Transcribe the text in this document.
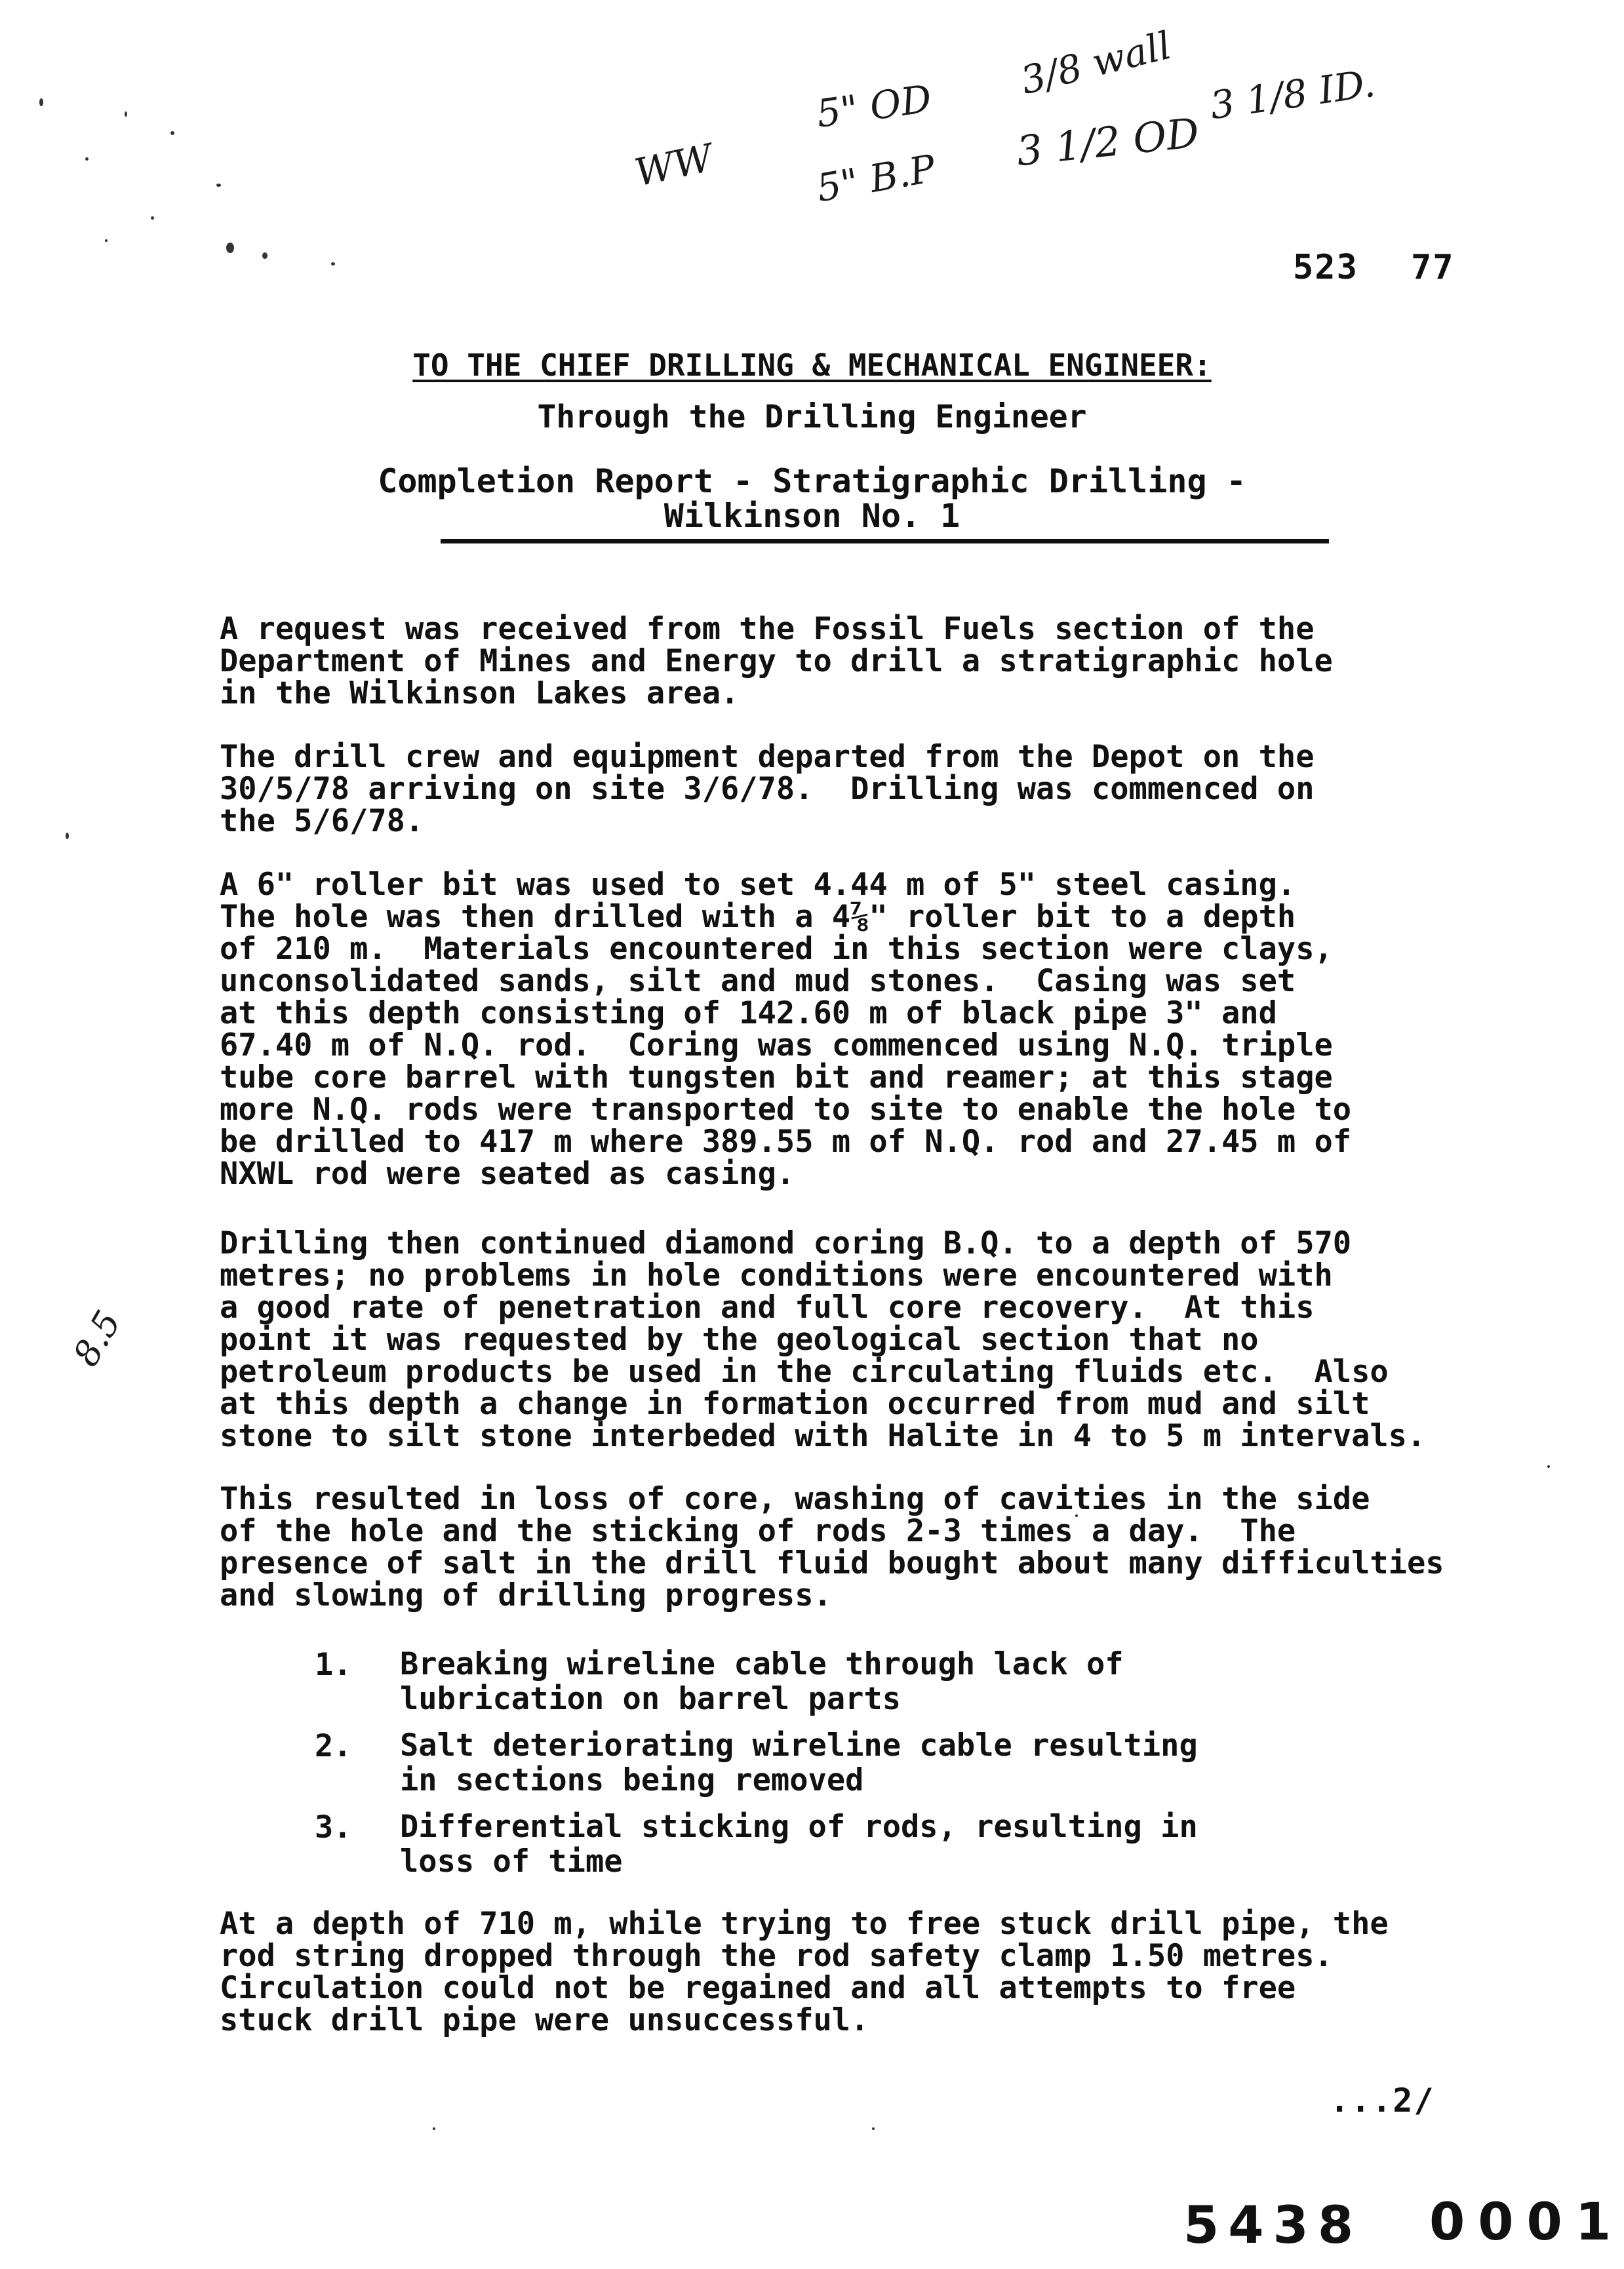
WW
5" OD
5" B.P
3/8 wall
3 1/2 OD
3 1/8 ID.
8.5
523 77
TO THE CHIEF DRILLING & MECHANICAL ENGINEER:
Through the Drilling Engineer
Completion Report - Stratigraphic Drilling -
Wilkinson No. 1
A request was received from the Fossil Fuels section of the
Department of Mines and Energy to drill a stratigraphic hole
in the Wilkinson Lakes area.
The drill crew and equipment departed from the Depot on the
30/5/78 arriving on site 3/6/78.  Drilling was commenced on
the 5/6/78.
A 6" roller bit was used to set 4.44 m of 5" steel casing.
The hole was then drilled with a 4⅞" roller bit to a depth
of 210 m.  Materials encountered in this section were clays,
unconsolidated sands, silt and mud stones.  Casing was set
at this depth consisting of 142.60 m of black pipe 3" and
67.40 m of N.Q. rod.  Coring was commenced using N.Q. triple
tube core barrel with tungsten bit and reamer; at this stage
more N.Q. rods were transported to site to enable the hole to
be drilled to 417 m where 389.55 m of N.Q. rod and 27.45 m of
NXWL rod were seated as casing.
Drilling then continued diamond coring B.Q. to a depth of 570
metres; no problems in hole conditions were encountered with
a good rate of penetration and full core recovery.  At this
point it was requested by the geological section that no
petroleum products be used in the circulating fluids etc.  Also
at this depth a change in formation occurred from mud and silt
stone to silt stone interbeded with Halite in 4 to 5 m intervals.
This resulted in loss of core, washing of cavities in the side
of the hole and the sticking of rods 2-3 times a day.  The
presence of salt in the drill fluid bought about many difficulties
and slowing of drilling progress.
1. Breaking wireline cable through lack of
lubrication on barrel parts
2. Salt deteriorating wireline cable resulting
in sections being removed
3. Differential sticking of rods, resulting in
loss of time
At a depth of 710 m, while trying to free stuck drill pipe, the
rod string dropped through the rod safety clamp 1.50 metres.
Circulation could not be regained and all attempts to free
stuck drill pipe were unsuccessful.
...2/
5438 0001
